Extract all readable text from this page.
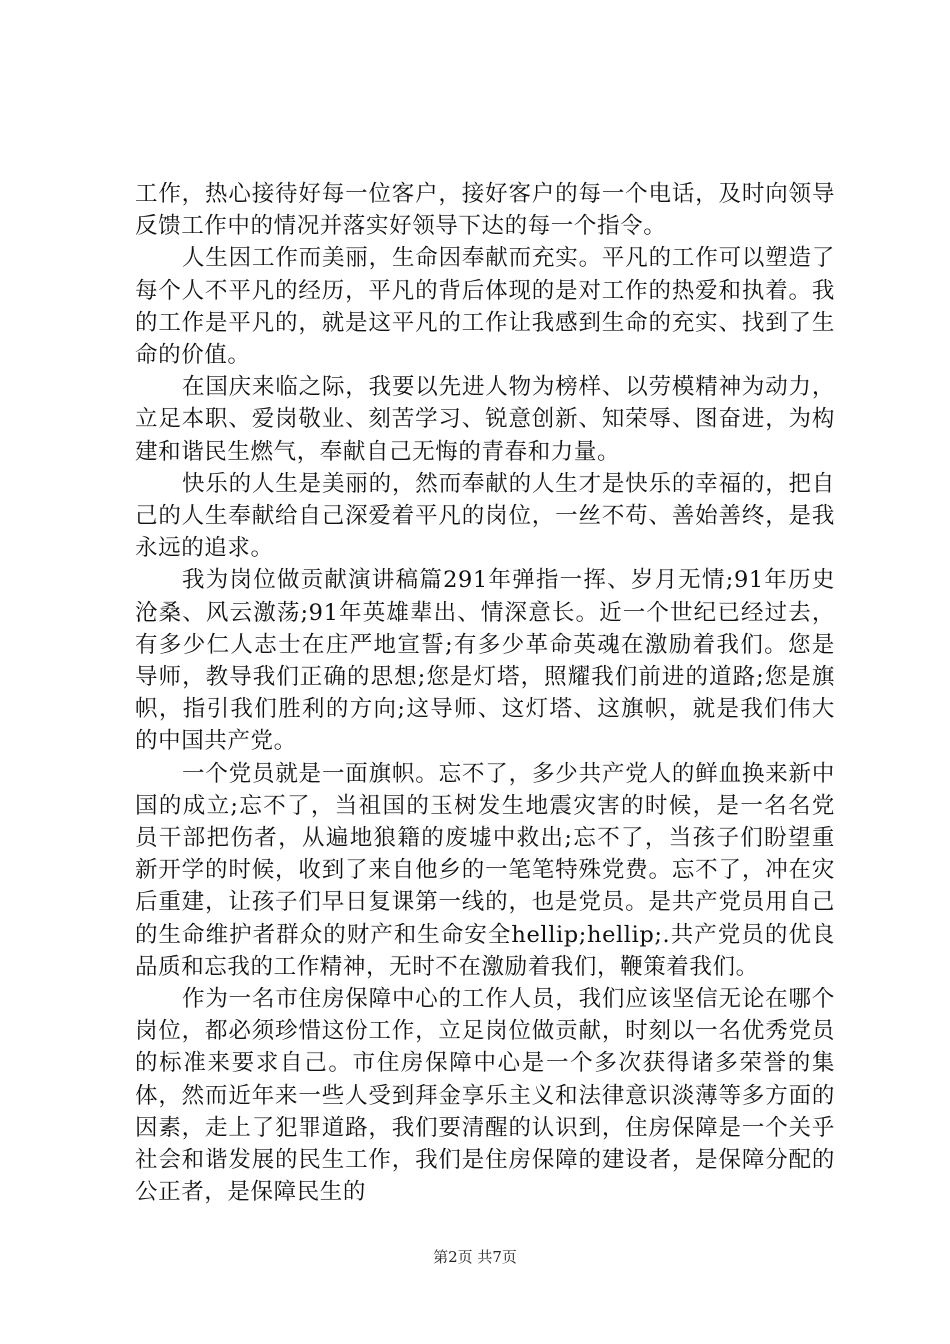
工作，热心接待好每一位客户，接好客户的每一个电话，及时向领导反馈工作中的情况并落实好领导下达的每一个指令。

人生因工作而美丽，生命因奉献而充实。平凡的工作可以塑造了每个人不平凡的经历，平凡的背后体现的是对工作的热爱和执着。我的工作是平凡的，就是这平凡的工作让我感到生命的充实、找到了生命的价值。

在国庆来临之际，我要以先进人物为榜样、以劳模精神为动力，立足本职、爱岗敬业、刻苦学习、锐意创新、知荣辱、图奋进，为构建和谐民生燃气，奉献自己无悔的青春和力量。

快乐的人生是美丽的，然而奉献的人生才是快乐的幸福的，把自己的人生奉献给自己深爱着平凡的岗位，一丝不苟、善始善终，是我永远的追求。

我为岗位做贡献演讲稿篇291年弹指一挥、岁月无情;91年历史沧桑、风云激荡;91年英雄辈出、情深意长。近一个世纪已经过去，有多少仁人志士在庄严地宣誓;有多少革命英魂在激励着我们。您是导师，教导我们正确的思想;您是灯塔，照耀我们前进的道路;您是旗帜，指引我们胜利的方向;这导师、这灯塔、这旗帜，就是我们伟大的中国共产党。

一个党员就是一面旗帜。忘不了，多少共产党人的鲜血换来新中国的成立;忘不了，当祖国的玉树发生地震灾害的时候，是一名名党员干部把伤者，从遍地狼籍的废墟中救出;忘不了，当孩子们盼望重新开学的时候，收到了来自他乡的一笔笔特殊党费。忘不了，冲在灾后重建，让孩子们早日复课第一线的，也是党员。是共产党员用自己的生命维护者群众的财产和生命安全hellip;hellip;.共产党员的优良品质和忘我的工作精神，无时不在激励着我们，鞭策着我们。

作为一名市住房保障中心的工作人员，我们应该坚信无论在哪个岗位，都必须珍惜这份工作，立足岗位做贡献，时刻以一名优秀党员的标准来要求自己。市住房保障中心是一个多次获得诸多荣誉的集体，然而近年来一些人受到拜金享乐主义和法律意识淡薄等多方面的因素，走上了犯罪道路，我们要清醒的认识到，住房保障是一个关乎社会和谐发展的民生工作，我们是住房保障的建设者，是保障分配的公正者，是保障民生的

第2页 共7页
